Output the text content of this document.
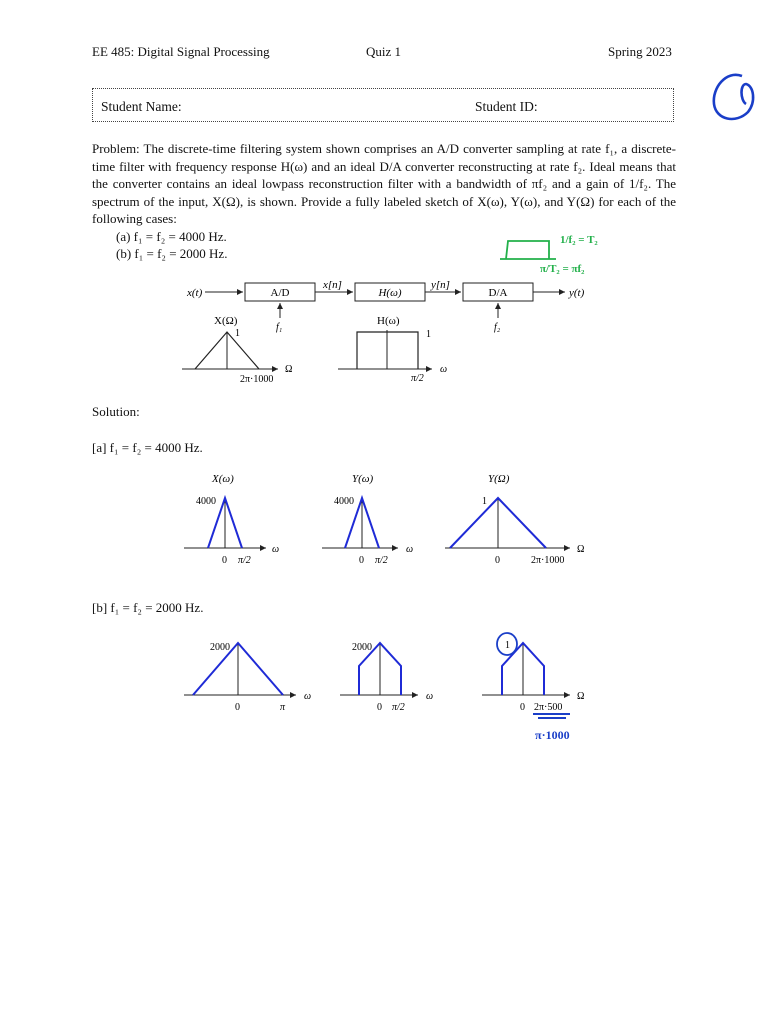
EE 485: Digital Signal Processing	Quiz 1	Spring 2023
Student Name:	Student ID:

Problem: The discrete-time filtering system shown comprises an A/D converter sampling at rate f₁, a discrete-time filter with frequency response H(ω) and an ideal D/A converter reconstructing at rate f₂. Ideal means that the converter contains an ideal lowpass reconstruction filter with a bandwidth of πf₂ and a gain of 1/f₂. The spectrum of the input, X(Ω), is shown. Provide a fully labeled sketch of X(ω), Y(ω), and Y(Ω) for each of the following cases:

(a) f₁ = f₂ = 4000 Hz.
(b) f₁ = f₂ = 2000 Hz.
x(t)	A/D
x[n]
H(ω)
y[n]
D/A	y(t)
f₁	f₂
X(Ω)
1
Ω
2π·1000
H(ω)
1
ω
π/2
X(ω)
4000
ω
0 π/2
Y(ω)
4000
ω
0 π/2
Y(Ω)
1
Ω
0	2π·1000
2000
ω
0	π
2000
ω
0 π/2
1
Ω
0 2π·500
1/f₂ = T₂
π/T₂ = πf₂
π·1000
Solution:
[a] f₁ = f₂ = 4000 Hz.
[b] f₁ = f₂ = 2000 Hz.
